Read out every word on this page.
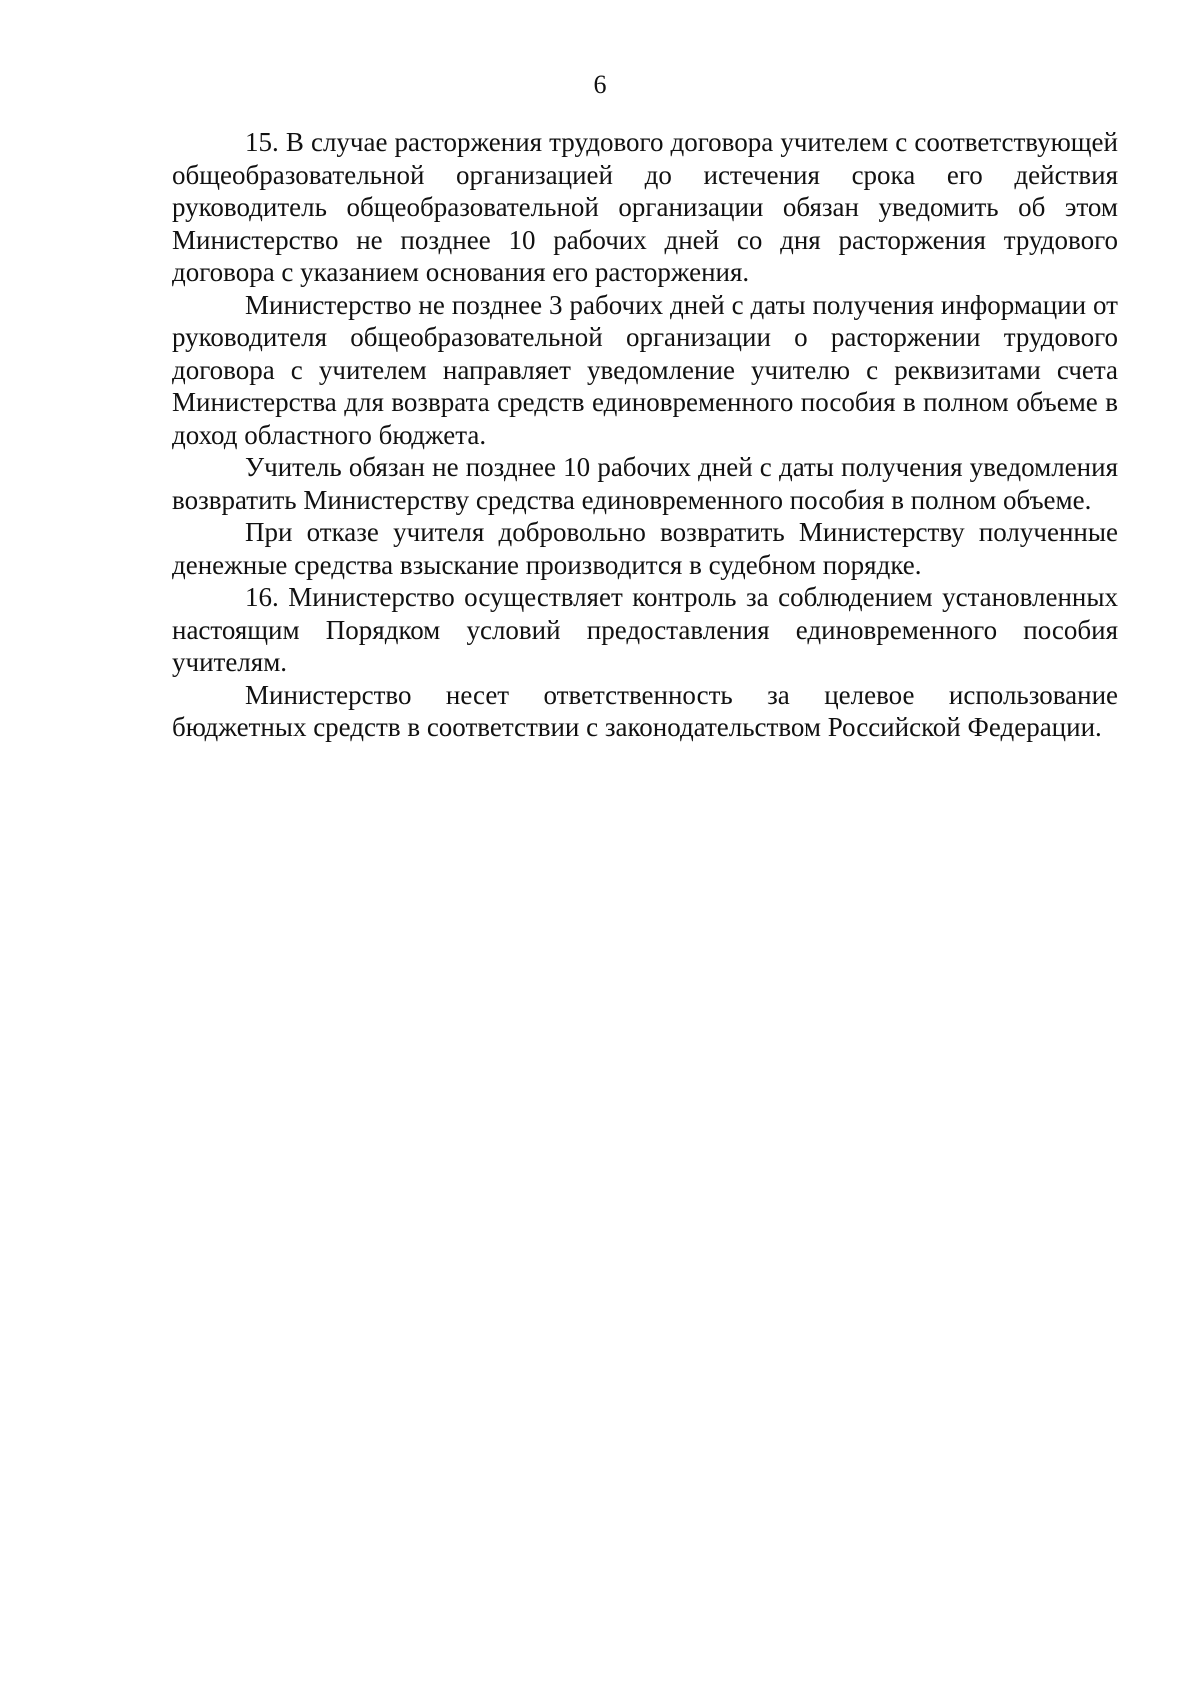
6

15. В случае расторжения трудового договора учителем с соответствующей общеобразовательной организацией до истечения срока его действия руководитель общеобразовательной организации обязан уведомить об этом Министерство не позднее 10 рабочих дней со дня расторжения трудового договора с указанием основания его расторжения.

Министерство не позднее 3 рабочих дней с даты получения информации от руководителя общеобразовательной организации о расторжении трудового договора с учителем направляет уведомление учителю с реквизитами счета Министерства для возврата средств единовременного пособия в полном объеме в доход областного бюджета.

Учитель обязан не позднее 10 рабочих дней с даты получения уведомления возвратить Министерству средства единовременного пособия в полном объеме.

При отказе учителя добровольно возвратить Министерству полученные денежные средства взыскание производится в судебном порядке.

16. Министерство осуществляет контроль за соблюдением установленных настоящим Порядком условий предоставления единовременного пособия учителям.

Министерство несет ответственность за целевое использование бюджетных средств в соответствии с законодательством Российской Федерации.
